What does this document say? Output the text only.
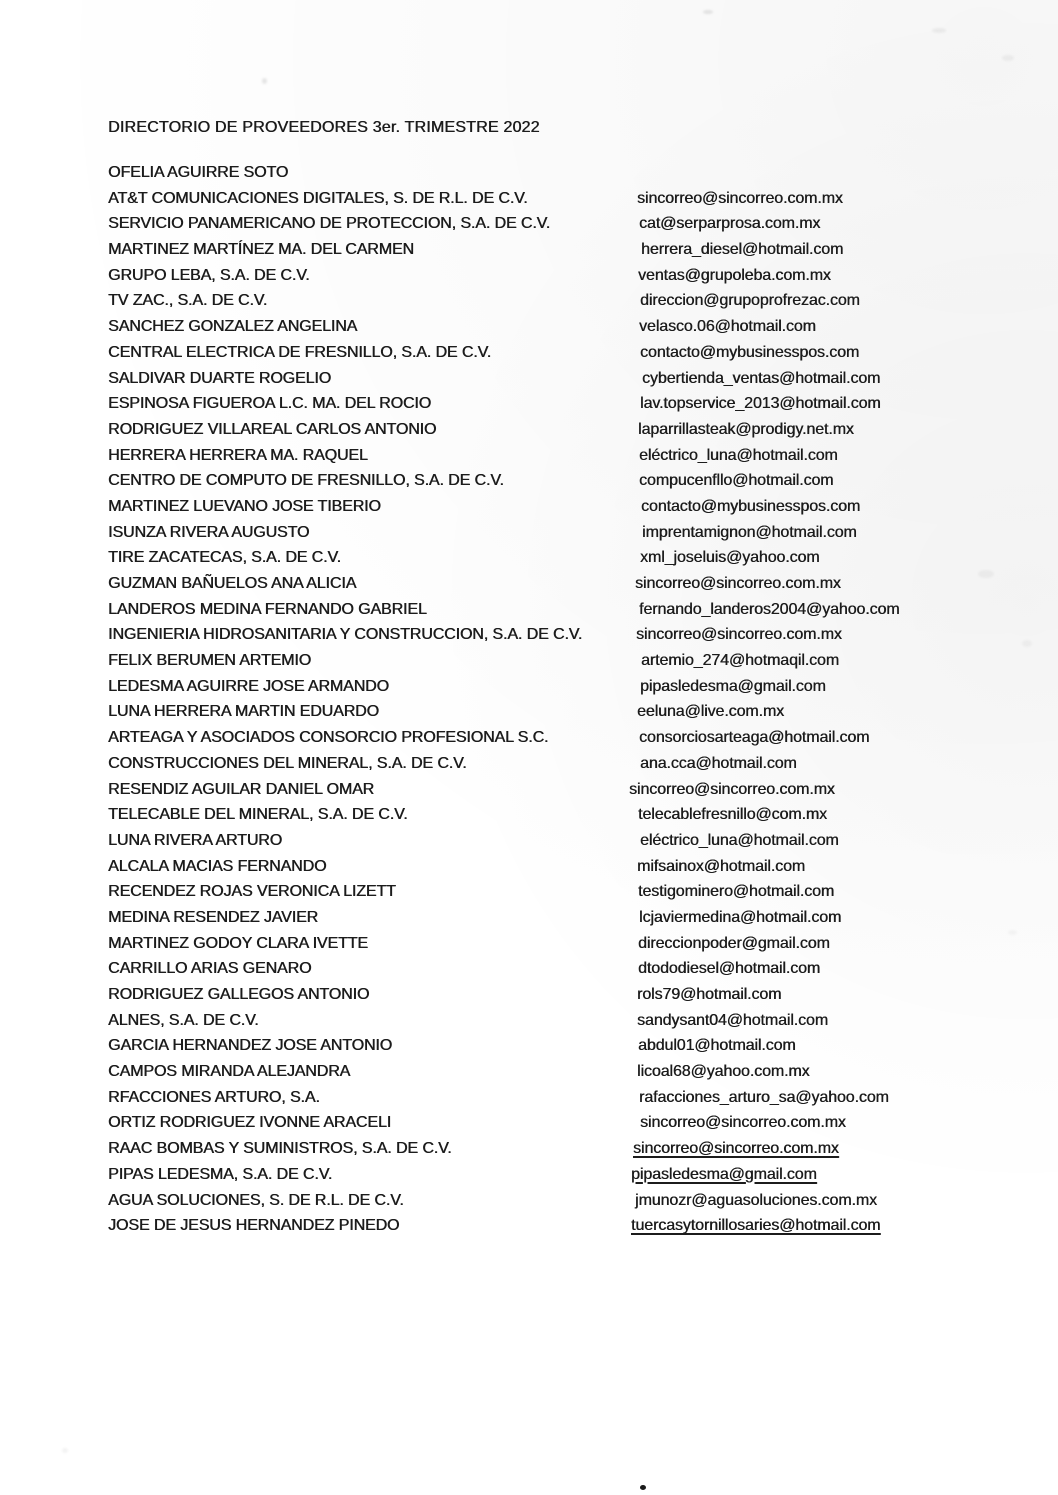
DIRECTORIO DE PROVEEDORES 3er. TRIMESTRE 2022
OFELIA AGUIRRE SOTO
AT&T COMUNICACIONES DIGITALES, S. DE R.L. DE C.V.	sincorreo@sincorreo.com.mx
SERVICIO PANAMERICANO DE PROTECCION, S.A. DE C.V.	cat@serparprosa.com.mx
MARTINEZ MARTÍNEZ MA. DEL CARMEN	herrera_diesel@hotmail.com
GRUPO LEBA, S.A. DE C.V.	ventas@grupoleba.com.mx
TV ZAC., S.A. DE C.V.	direccion@grupoprofrezac.com
SANCHEZ GONZALEZ ANGELINA	velasco.06@hotmail.com
CENTRAL ELECTRICA DE FRESNILLO, S.A. DE C.V.	contacto@mybusinesspos.com
SALDIVAR DUARTE ROGELIO	cybertienda_ventas@hotmail.com
ESPINOSA FIGUEROA L.C. MA. DEL ROCIO	lav.topservice_2013@hotmail.com
RODRIGUEZ VILLAREAL CARLOS ANTONIO	laparrillasteak@prodigy.net.mx
HERRERA HERRERA MA. RAQUEL	eléctrico_luna@hotmail.com
CENTRO DE COMPUTO DE FRESNILLO, S.A. DE C.V.	compucenfllo@hotmail.com
MARTINEZ LUEVANO JOSE TIBERIO	contacto@mybusinesspos.com
ISUNZA RIVERA AUGUSTO	imprentamignon@hotmail.com
TIRE ZACATECAS, S.A. DE C.V.	xml_joseluis@yahoo.com
GUZMAN BAÑUELOS ANA ALICIA	sincorreo@sincorreo.com.mx
LANDEROS MEDINA FERNANDO GABRIEL	fernando_landeros2004@yahoo.com
INGENIERIA HIDROSANITARIA Y CONSTRUCCION, S.A. DE C.V.	sincorreo@sincorreo.com.mx
FELIX BERUMEN ARTEMIO	artemio_274@hotmaqil.com
LEDESMA AGUIRRE JOSE ARMANDO	pipasledesma@gmail.com
LUNA HERRERA MARTIN EDUARDO	eeluna@live.com.mx
ARTEAGA Y ASOCIADOS CONSORCIO PROFESIONAL S.C.	consorciosarteaga@hotmail.com
CONSTRUCCIONES DEL MINERAL, S.A. DE C.V.	ana.cca@hotmail.com
RESENDIZ AGUILAR DANIEL OMAR	sincorreo@sincorreo.com.mx
TELECABLE DEL MINERAL, S.A. DE C.V.	telecablefresnillo@com.mx
LUNA RIVERA ARTURO	eléctrico_luna@hotmail.com
ALCALA MACIAS FERNANDO	mifsainox@hotmail.com
RECENDEZ ROJAS VERONICA LIZETT	testigominero@hotmail.com
MEDINA RESENDEZ JAVIER	lcjaviermedina@hotmail.com
MARTINEZ GODOY CLARA IVETTE	direccionpoder@gmail.com
CARRILLO ARIAS GENARO	dtododiesel@hotmail.com
RODRIGUEZ GALLEGOS ANTONIO	rols79@hotmail.com
ALNES, S.A. DE C.V.	sandysant04@hotmail.com
GARCIA HERNANDEZ JOSE ANTONIO	abdul01@hotmail.com
CAMPOS MIRANDA ALEJANDRA	licoal68@yahoo.com.mx
RFACCIONES ARTURO, S.A.	rafacciones_arturo_sa@yahoo.com
ORTIZ RODRIGUEZ IVONNE ARACELI	sincorreo@sincorreo.com.mx
RAAC BOMBAS Y SUMINISTROS, S.A. DE C.V.	sincorreo@sincorreo.com.mx
PIPAS LEDESMA, S.A. DE C.V.	pipasledesma@gmail.com
AGUA SOLUCIONES, S. DE R.L. DE C.V.	jmunozr@aguasoluciones.com.mx
JOSE DE JESUS HERNANDEZ PINEDO	tuercasytornillosaries@hotmail.com
